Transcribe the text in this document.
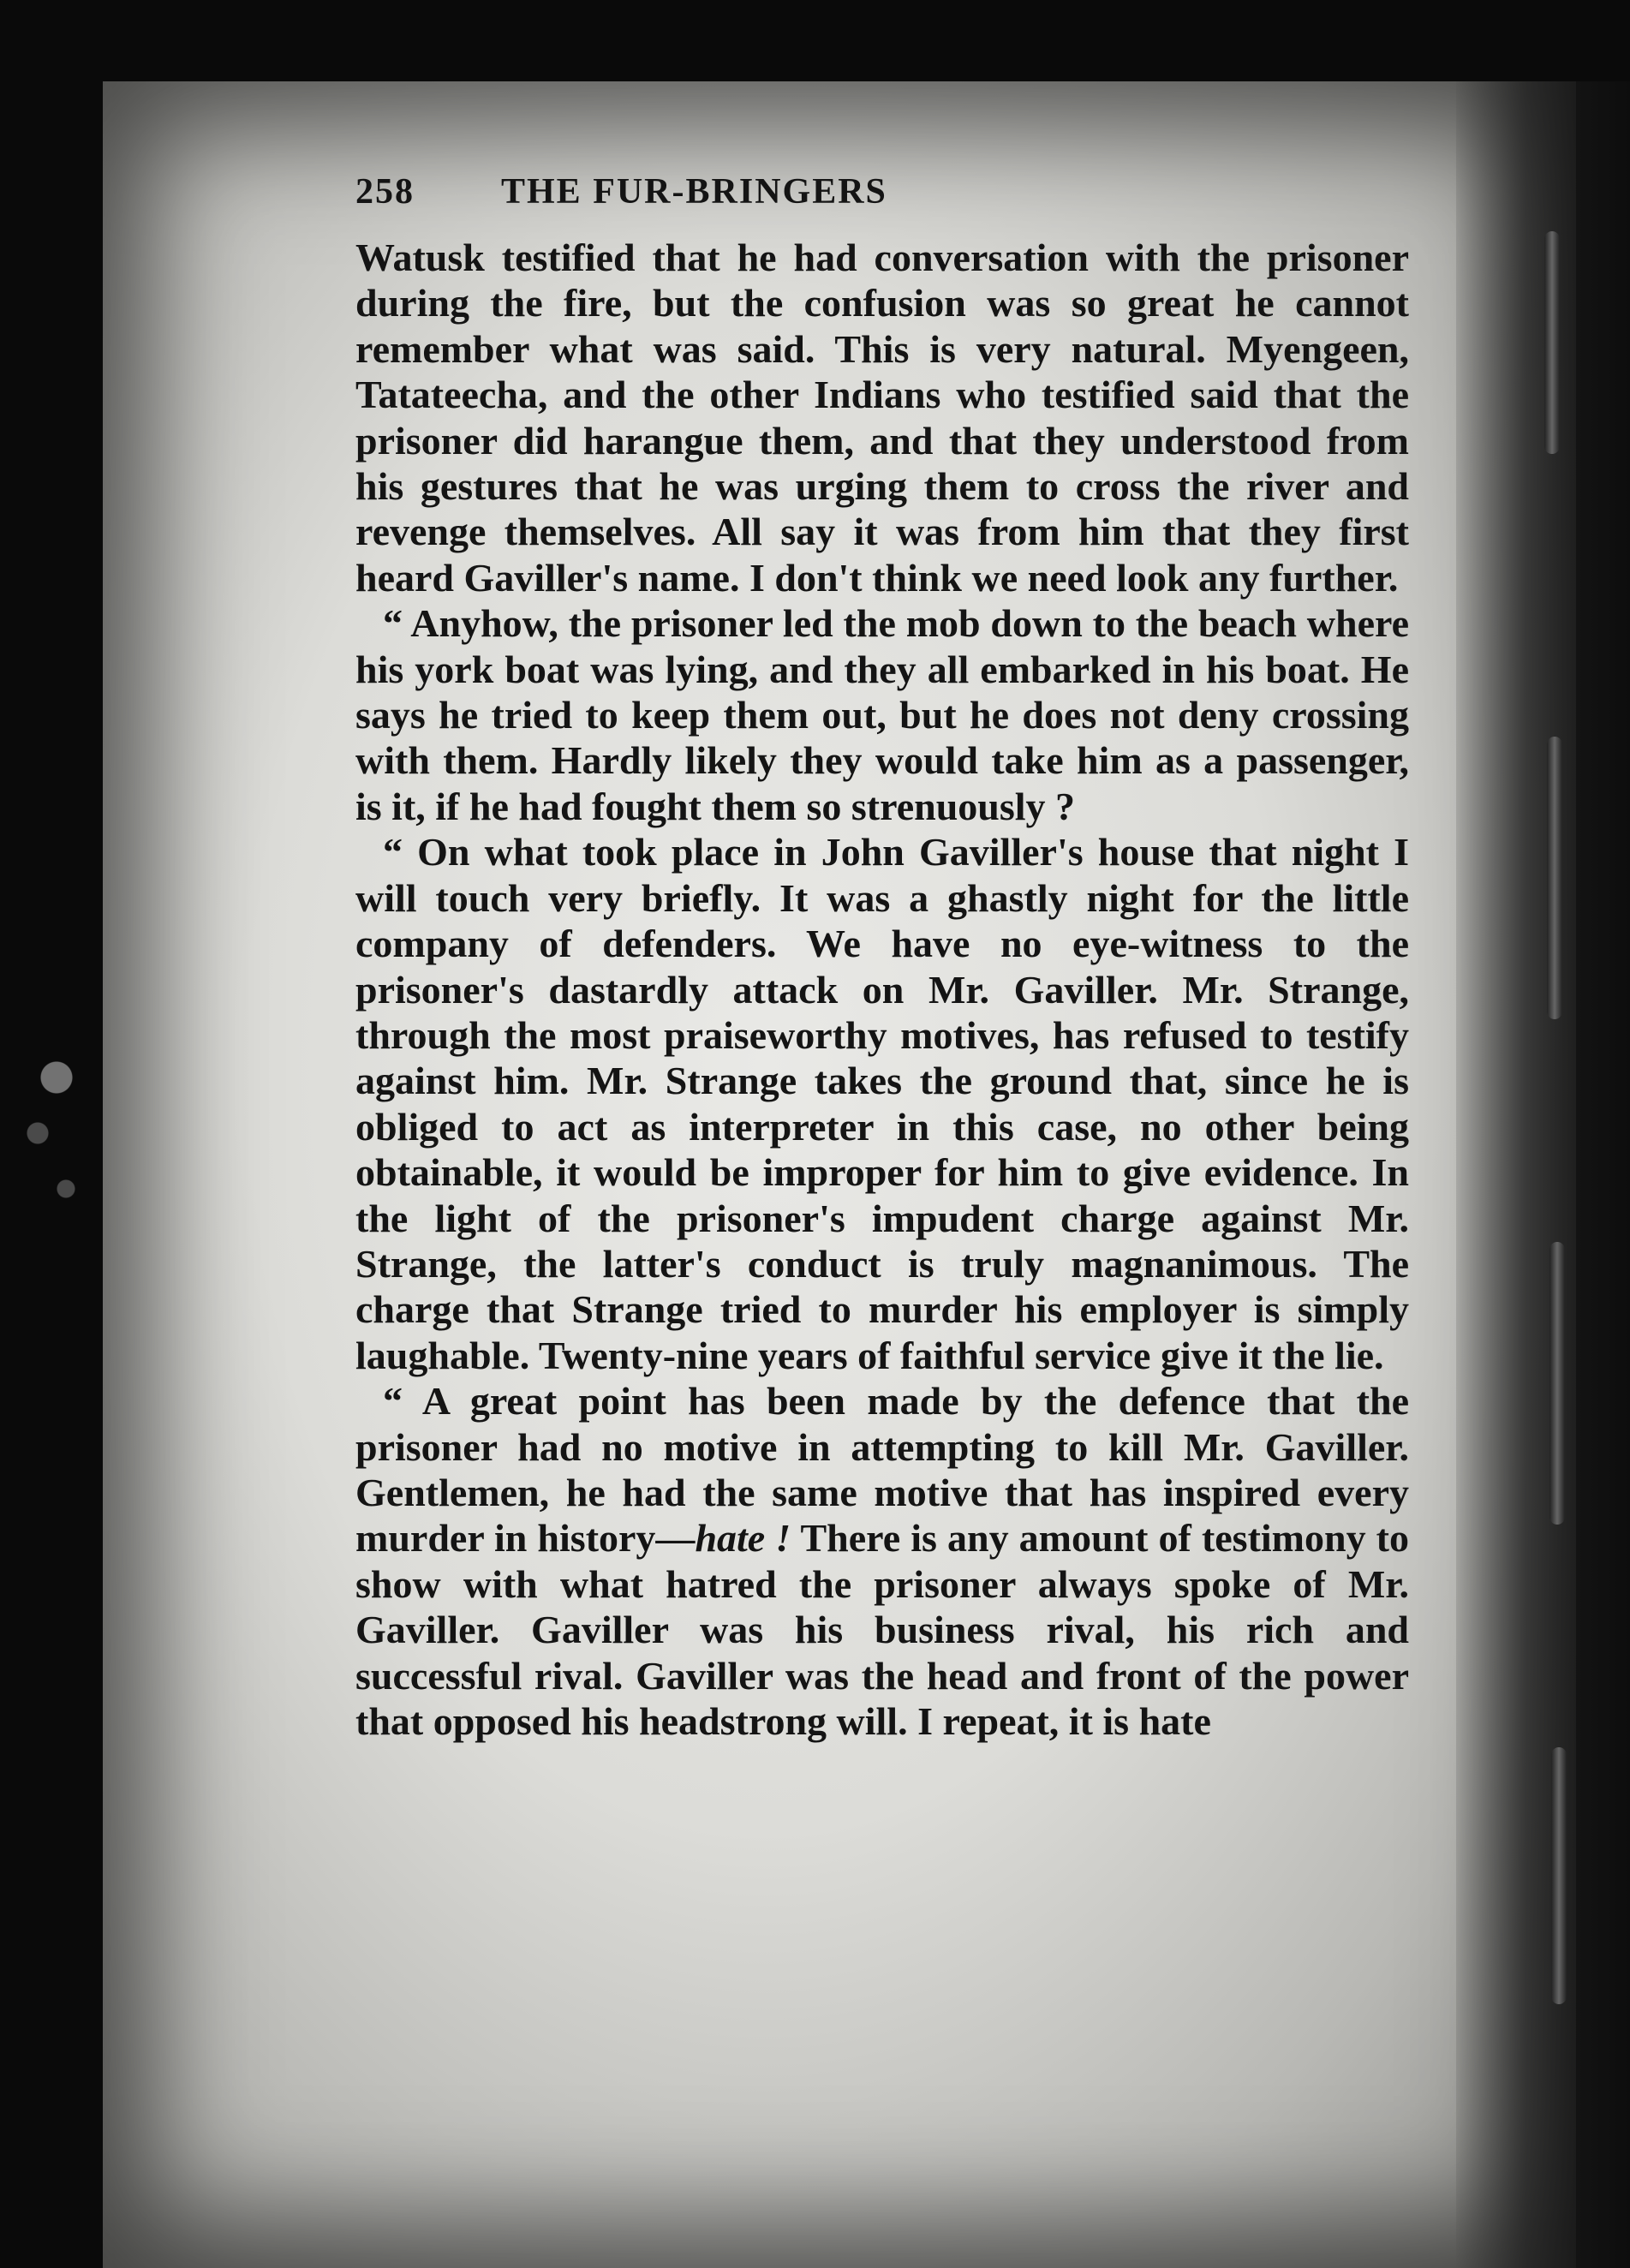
258	THE FUR-BRINGERS

Watusk testified that he had conversation with the prisoner during the fire, but the confusion was so great he cannot remember what was said. This is very natural. Myengeen, Tatateecha, and the other Indians who testified said that the prisoner did harangue them, and that they understood from his gestures that he was urging them to cross the river and revenge themselves. All say it was from him that they first heard Gaviller's name. I don't think we need look any further.

“ Anyhow, the prisoner led the mob down to the beach where his york boat was lying, and they all embarked in his boat. He says he tried to keep them out, but he does not deny crossing with them. Hardly likely they would take him as a passenger, is it, if he had fought them so strenuously ?

“ On what took place in John Gaviller's house that night I will touch very briefly. It was a ghastly night for the little company of defenders. We have no eye-witness to the prisoner's dastardly attack on Mr. Gaviller. Mr. Strange, through the most praiseworthy motives, has refused to testify against him. Mr. Strange takes the ground that, since he is obliged to act as interpreter in this case, no other being obtainable, it would be improper for him to give evidence. In the light of the prisoner's impudent charge against Mr. Strange, the latter's conduct is truly magnanimous. The charge that Strange tried to murder his employer is simply laughable. Twenty-nine years of faithful service give it the lie.

“ A great point has been made by the defence that the prisoner had no motive in attempting to kill Mr. Gaviller. Gentlemen, he had the same motive that has inspired every murder in history—hate ! There is any amount of testimony to show with what hatred the prisoner always spoke of Mr. Gaviller. Gaviller was his business rival, his rich and successful rival. Gaviller was the head and front of the power that opposed his headstrong will. I repeat, it is hate
